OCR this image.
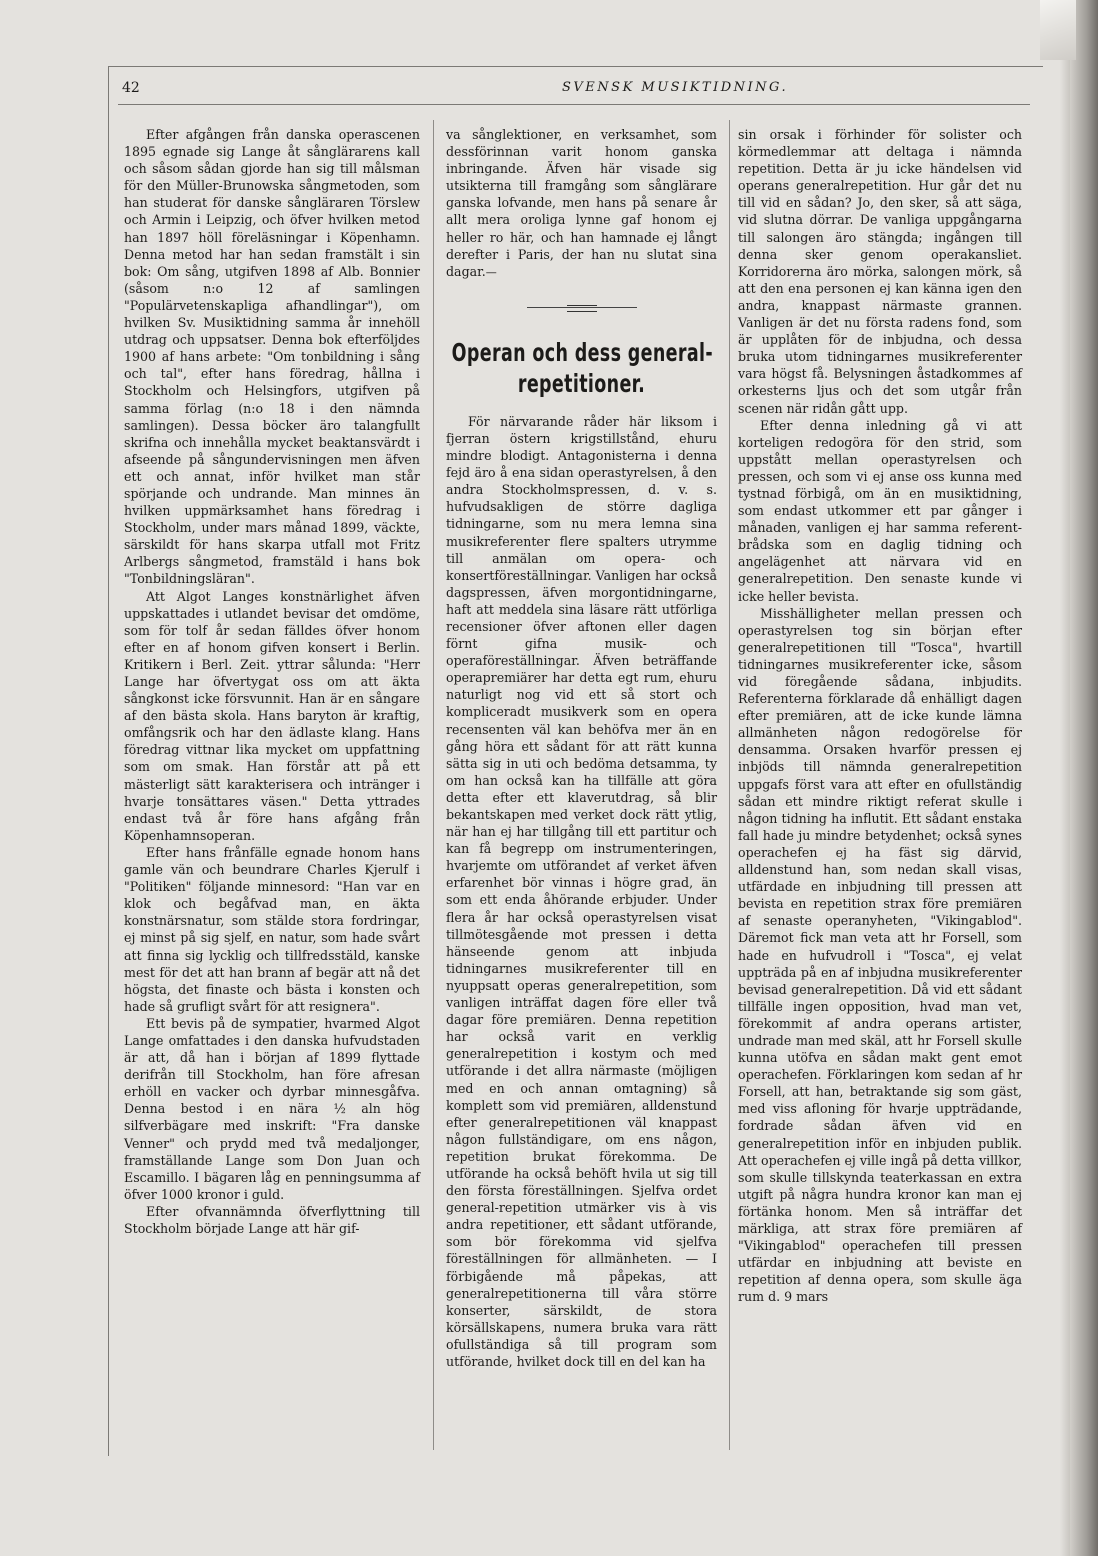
42	SVENSK MUSIKTIDNING.

Efter afgången från danska operascenen 1895 egnade sig Lange åt sånglärarens kall och såsom sådan gjorde han sig till målsman för den Müller-Brunowska sångmetoden, som han studerat för danske sångläraren Törslew och Armin i Leipzig, och öfver hvilken metod han 1897 höll föreläsningar i Köpenhamn. Denna metod har han sedan framstält i sin bok: Om sång, utgifven 1898 af Alb. Bonnier (såsom n:o 12 af samlingen "Populärvetenskapliga afhandlingar"), om hvilken Sv. Musiktidning samma år innehöll utdrag och uppsatser. Denna bok efterföljdes 1900 af hans arbete: "Om tonbildning i sång och tal", efter hans föredrag, hållna i Stockholm och Helsingfors, utgifven på samma förlag (n:o 18 i den nämnda samlingen). Dessa böcker äro talangfullt skrifna och innehålla mycket beaktansvärdt i afseende på sångundervisningen men äfven ett och annat, inför hvilket man står spörjande och undrande. Man minnes än hvilken uppmärksamhet hans föredrag i Stockholm, under mars månad 1899, väckte, särskildt för hans skarpa utfall mot Fritz Arlbergs sångmetod, framstäld i hans bok "Tonbildningsläran".

Att Algot Langes konstnärlighet äfven uppskattades i utlandet bevisar det omdöme, som för tolf år sedan fälldes öfver honom efter en af honom gifven konsert i Berlin. Kritikern i Berl. Zeit. yttrar sålunda: "Herr Lange har öfvertygat oss om att äkta sångkonst icke försvunnit. Han är en sångare af den bästa skola. Hans baryton är kraftig, omfångsrik och har den ädlaste klang. Hans föredrag vittnar lika mycket om uppfattning som om smak. Han förstår att på ett mästerligt sätt karakterisera och intränger i hvarje tonsättares väsen." Detta yttrades endast två år före hans afgång från Köpenhamnsoperan.

Efter hans frånfälle egnade honom hans gamle vän och beundrare Charles Kjerulf i "Politiken" följande minnesord: "Han var en klok och begåfvad man, en äkta konstnärsnatur, som stälde stora fordringar, ej minst på sig sjelf, en natur, som hade svårt att finna sig lycklig och tillfredsstäld, kanske mest för det att han brann af begär att nå det högsta, det finaste och bästa i konsten och hade så grufligt svårt för att resignera".

Ett bevis på de sympatier, hvarmed Algot Lange omfattades i den danska hufvudstaden är att, då han i början af 1899 flyttade derifrån till Stockholm, han före afresan erhöll en vacker och dyrbar minnesgåfva. Denna bestod i en nära ½ aln hög silfverbägare med inskrift: "Fra danske Venner" och prydd med två medaljonger, framställande Lange som Don Juan och Escamillo. I bägaren låg en penningsumma af öfver 1000 kronor i guld.

Efter ofvannämnda öfverflyttning till Stockholm började Lange att här gif-

va sånglektioner, en verksamhet, som dessförinnan varit honom ganska inbringande. Äfven här visade sig utsikterna till framgång som sånglärare ganska lofvande, men hans på senare år allt mera oroliga lynne gaf honom ej heller ro här, och han hamnade ej långt derefter i Paris, der han nu slutat sina dagar.—

Operan och dess general-
repetitioner.

För närvarande råder här liksom i fjerran östern krigstillstånd, ehuru mindre blodigt. Antagonisterna i denna fejd äro å ena sidan operastyrelsen, å den andra Stockholmspressen, d. v. s. hufvudsakligen de större dagliga tidningarne, som nu mera lemna sina musikreferenter flere spalters utrymme till anmälan om opera- och konsertföreställningar. Vanligen har också dagspressen, äfven morgontidningarne, haft att meddela sina läsare rätt utförliga recensioner öfver aftonen eller dagen förnt gifna musik- och operaföreställningar. Äfven beträffande operapremiärer har detta egt rum, ehuru naturligt nog vid ett så stort och kompliceradt musikverk som en opera recensenten väl kan behöfva mer än en gång höra ett sådant för att rätt kunna sätta sig in uti och bedöma detsamma, ty om han också kan ha tillfälle att göra detta efter ett klaverutdrag, så blir bekantskapen med verket dock rätt ytlig, när han ej har tillgång till ett partitur och kan få begrepp om instrumenteringen, hvarjemte om utförandet af verket äfven erfarenhet bör vinnas i högre grad, än som ett enda åhörande erbjuder. Under flera år har också operastyrelsen visat tillmötesgående mot pressen i detta hänseende genom att inbjuda tidningarnes musikreferenter till en nyuppsatt operas generalrepetition, som vanligen inträffat dagen före eller två dagar före premiären. Denna repetition har också varit en verklig generalrepetition i kostym och med utförande i det allra närmaste (möjligen med en och annan omtagning) så komplett som vid premiären, alldenstund efter generalrepetitionen väl knappast någon fullständigare, om ens någon, repetition brukat förekomma. De utförande ha också behöft hvila ut sig till den första föreställningen. Sjelfva ordet general-repetition utmärker vis à vis andra repetitioner, ett sådant utförande, som bör förekomma vid sjelfva föreställningen för allmänheten. — I förbigående må påpekas, att generalrepetitionerna till våra större konserter, särskildt, de stora körsällskapens, numera bruka vara rätt ofullständiga så till program som utförande, hvilket dock till en del kan ha

sin orsak i förhinder för solister och körmedlemmar att deltaga i nämnda repetition. Detta är ju icke händelsen vid operans generalrepetition. Hur går det nu till vid en sådan? Jo, den sker, så att säga, vid slutna dörrar. De vanliga uppgångarna till salongen äro stängda; ingången till denna sker genom operakansliet. Korridorerna äro mörka, salongen mörk, så att den ena personen ej kan känna igen den andra, knappast närmaste grannen. Vanligen är det nu första radens fond, som är upplåten för de inbjudna, och dessa bruka utom tidningarnes musikreferenter vara högst få. Belysningen åstadkommes af orkesterns ljus och det som utgår från scenen när ridån gått upp.

Efter denna inledning gå vi att korteligen redogöra för den strid, som uppstått mellan operastyrelsen och pressen, och som vi ej anse oss kunna med tystnad förbigå, om än en musiktidning, som endast utkommer ett par gånger i månaden, vanligen ej har samma referent-brådska som en daglig tidning och angelägenhet att närvara vid en generalrepetition. Den senaste kunde vi icke heller bevista.

Misshälligheter mellan pressen och operastyrelsen tog sin början efter generalrepetitionen till "Tosca", hvartill tidningarnes musikreferenter icke, såsom vid föregående sådana, inbjudits. Referenterna förklarade då enhälligt dagen efter premiären, att de icke kunde lämna allmänheten någon redogörelse för densamma. Orsaken hvarför pressen ej inbjöds till nämnda generalrepetition uppgafs först vara att efter en ofullständig sådan ett mindre riktigt referat skulle i någon tidning ha influtit. Ett sådant enstaka fall hade ju mindre betydenhet; också synes operachefen ej ha fäst sig därvid, alldenstund han, som nedan skall visas, utfärdade en inbjudning till pressen att bevista en repetition strax före premiären af senaste operanyheten, "Vikingablod". Däremot fick man veta att hr Forsell, som hade en hufvudroll i "Tosca", ej velat uppträda på en af inbjudna musikreferenter bevisad generalrepetition. Då vid ett sådant tillfälle ingen opposition, hvad man vet, förekommit af andra operans artister, undrade man med skäl, att hr Forsell skulle kunna utöfva en sådan makt gent emot operachefen. Förklaringen kom sedan af hr Forsell, att han, betraktande sig som gäst, med viss afloning för hvarje uppträdande, fordrade sådan äfven vid en generalrepetition inför en inbjuden publik. Att operachefen ej ville ingå på detta villkor, som skulle tillskynda teaterkassan en extra utgift på några hundra kronor kan man ej förtänka honom. Men så inträffar det märkliga, att strax före premiären af "Vikingablod" operachefen till pressen utfärdar en inbjudning att beviste en repetition af denna opera, som skulle äga rum d. 9 mars
